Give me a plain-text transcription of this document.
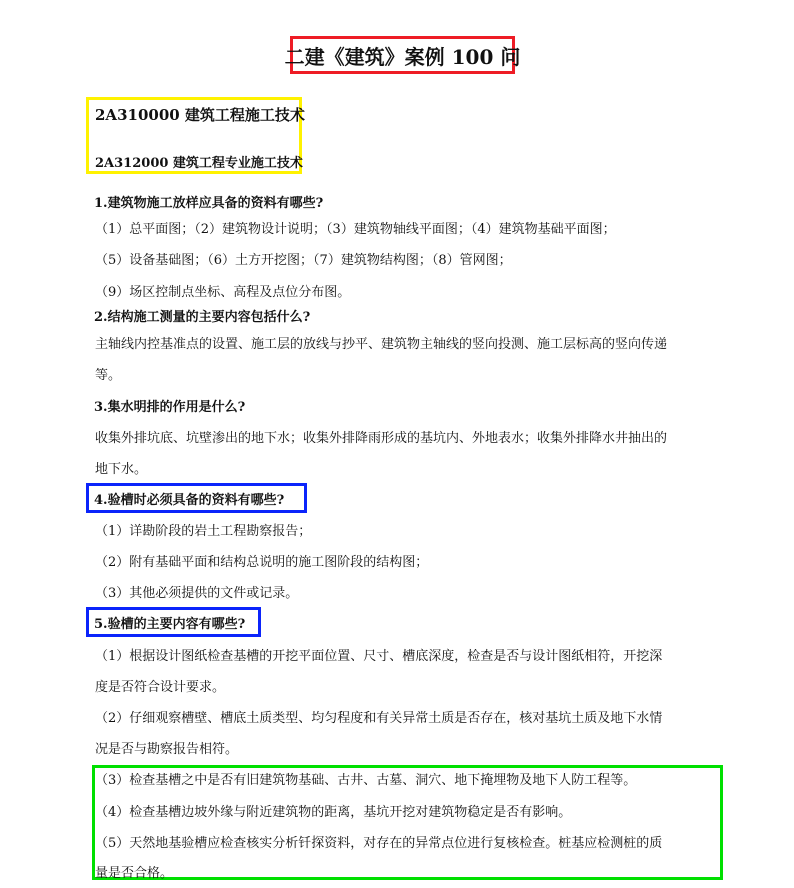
二建《建筑》案例 100 问
2A310000 建筑工程施工技术
2A312000 建筑工程专业施工技术
1.建筑物施工放样应具备的资料有哪些?
（1）总平面图；（2）建筑物设计说明；（3）建筑物轴线平面图；（4）建筑物基础平面图；
（5）设备基础图；（6）土方开挖图；（7）建筑物结构图；（8）管网图；
（9）场区控制点坐标、高程及点位分布图。
2.结构施工测量的主要内容包括什么?
主轴线内控基准点的设置、施工层的放线与抄平、建筑物主轴线的竖向投测、施工层标高的竖向传递
等。
3.集水明排的作用是什么?
收集外排坑底、坑壁渗出的地下水；收集外排降雨形成的基坑内、外地表水；收集外排降水井抽出的
地下水。
4.验槽时必须具备的资料有哪些?
（1）详勘阶段的岩土工程勘察报告；
（2）附有基础平面和结构总说明的施工图阶段的结构图；
（3）其他必须提供的文件或记录。
5.验槽的主要内容有哪些?
（1）根据设计图纸检查基槽的开挖平面位置、尺寸、槽底深度，检查是否与设计图纸相符，开挖深
度是否符合设计要求。
（2）仔细观察槽壁、槽底土质类型、均匀程度和有关异常土质是否存在，核对基坑土质及地下水情
况是否与勘察报告相符。
（3）检查基槽之中是否有旧建筑物基础、古井、古墓、洞穴、地下掩埋物及地下人防工程等。
（4）检查基槽边坡外缘与附近建筑物的距离，基坑开挖对建筑物稳定是否有影响。
（5）天然地基验槽应检查核实分析钎探资料，对存在的异常点位进行复核检查。桩基应检测桩的质
量是否合格。
